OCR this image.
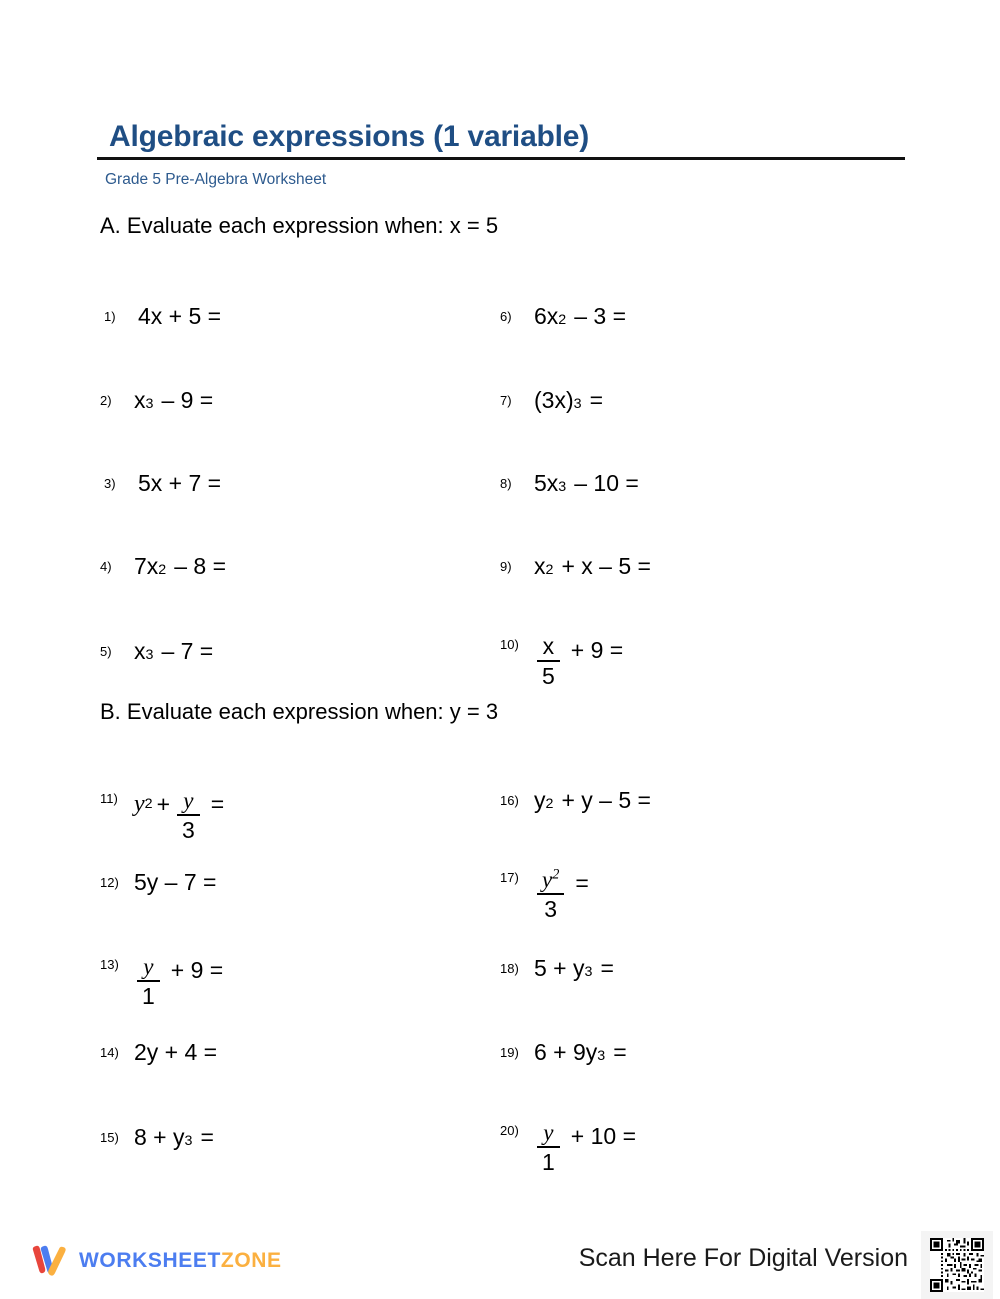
Algebraic expressions (1 variable)
Grade 5 Pre-Algebra Worksheet
A. Evaluate each expression when: x = 5
1) 4x + 5 =
2) x 3 – 9 =
3) 5x + 7 =
4) 7x 2 – 8 =
5) x 3 – 7 =
6) 6x 2 – 3 =
7) (3x) 3 =
8) 5x 3 – 10 =
9) x 2 + x – 5 =
$10) \frac{x}{5} + 9$ =
B. Evaluate each expression when: y = 3
11) y $2 + \frac{y}{3}$ =
12) 5y – 7 =
$13) \frac{y}{1} + 9$ =
14) 2y + 4 =
15) 8 + y 3 =
16) y 2 + y – 5 =
$17) \frac{y^2}{3}$ =
18) 5 + y 3 =
19) 6 + 9y 3 =
$20) \frac{y}{1} + 10$ =
WORKSHEETZONE	Scan Here For Digital Version
